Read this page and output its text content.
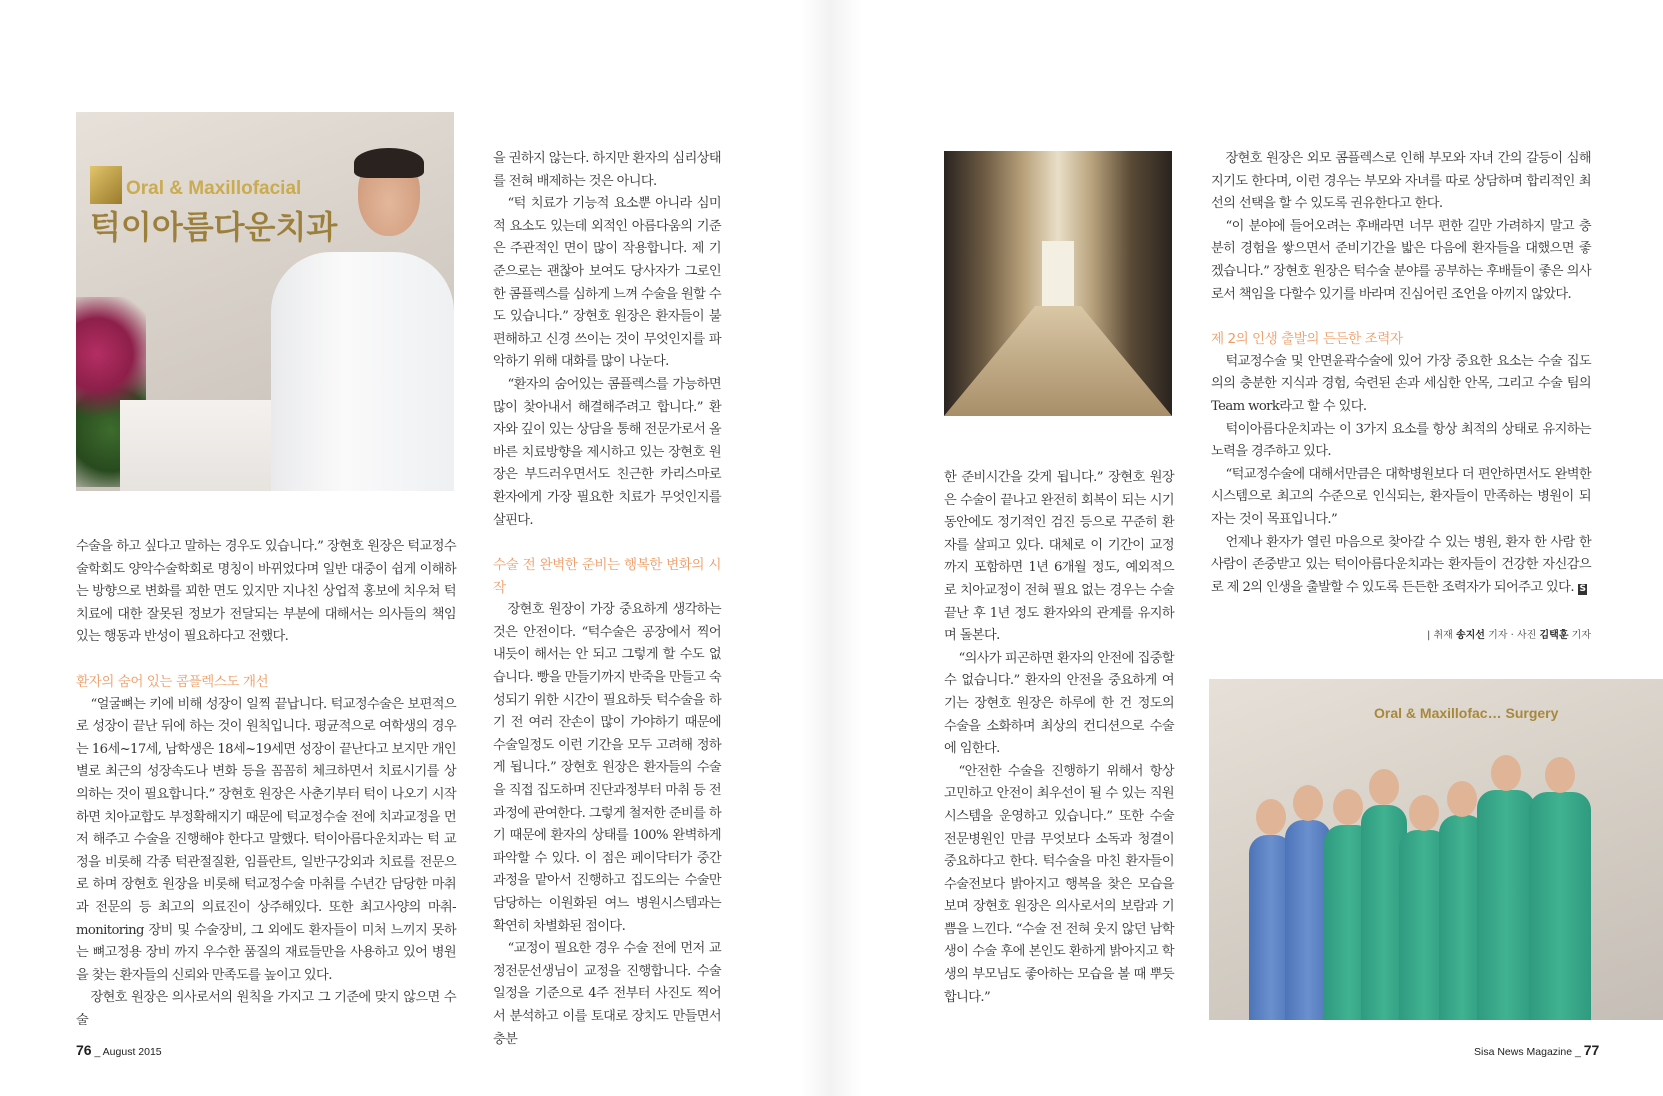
Oral & Maxillofacial
턱이아름다운치과

수술을 하고 싶다고 말하는 경우도 있습니다.” 장현호 원장은 턱교정수술학회도 양악수술학회로 명칭이 바뀌었다며 일반 대중이 쉽게 이해하는 방향으로 변화를 꾀한 면도 있지만 지나친 상업적 홍보에 치우쳐 턱 치료에 대한 잘못된 정보가 전달되는 부분에 대해서는 의사들의 책임 있는 행동과 반성이 필요하다고 전했다.

환자의 숨어 있는 콤플렉스도 개선

“얼굴뼈는 키에 비해 성장이 일찍 끝납니다. 턱교정수술은 보편적으로 성장이 끝난 뒤에 하는 것이 원칙입니다. 평균적으로 여학생의 경우는 16세~17세, 남학생은 18세~19세면 성장이 끝난다고 보지만 개인별로 최근의 성장속도나 변화 등을 꼼꼼히 체크하면서 치료시기를 상의하는 것이 필요합니다.” 장현호 원장은 사춘기부터 턱이 나오기 시작하면 치아교합도 부정확해지기 때문에 턱교정수술 전에 치과교정을 먼저 해주고 수술을 진행해야 한다고 말했다. 턱이아름다운치과는 턱 교정을 비롯해 각종 턱관절질환, 임플란트, 일반구강외과 치료를 전문으로 하며 장현호 원장을 비롯해 턱교정수술 마취를 수년간 담당한 마취과 전문의 등 최고의 의료진이 상주해있다. 또한 최고사양의 마취-monitoring 장비 및 수술장비, 그 외에도 환자들이 미처 느끼지 못하는 뼈고정용 장비 까지 우수한 품질의 재료들만을 사용하고 있어 병원을 찾는 환자들의 신뢰와 만족도를 높이고 있다.

장현호 원장은 의사로서의 원칙을 가지고 그 기준에 맞지 않으면 수술

을 권하지 않는다. 하지만 환자의 심리상태를 전혀 배제하는 것은 아니다.

“턱 치료가 기능적 요소뿐 아니라 심미적 요소도 있는데 외적인 아름다움의 기준은 주관적인 면이 많이 작용합니다. 제 기준으로는 괜찮아 보여도 당사자가 그로인한 콤플렉스를 심하게 느껴 수술을 원할 수도 있습니다.” 장현호 원장은 환자들이 불편해하고 신경 쓰이는 것이 무엇인지를 파악하기 위해 대화를 많이 나눈다.

“환자의 숨어있는 콤플렉스를 가능하면 많이 찾아내서 해결해주려고 합니다.” 환자와 깊이 있는 상담을 통해 전문가로서 올바른 치료방향을 제시하고 있는 장현호 원장은 부드러우면서도 친근한 카리스마로 환자에게 가장 필요한 치료가 무엇인지를 살핀다.

수술 전 완벽한 준비는 행복한 변화의 시작

장현호 원장이 가장 중요하게 생각하는 것은 안전이다. “턱수술은 공장에서 찍어내듯이 해서는 안 되고 그렇게 할 수도 없습니다. 빵을 만들기까지 반죽을 만들고 숙성되기 위한 시간이 필요하듯 턱수술을 하기 전 여러 잔손이 많이 가야하기 때문에 수술일정도 이런 기간을 모두 고려해 정하게 됩니다.” 장현호 원장은 환자들의 수술을 직접 집도하며 진단과정부터 마취 등 전 과정에 관여한다. 그렇게 철저한 준비를 하기 때문에 환자의 상태를 100% 완벽하게 파악할 수 있다. 이 점은 페이닥터가 중간 과정을 맡아서 진행하고 집도의는 수술만 담당하는 이원화된 여느 병원시스템과는 확연히 차별화된 점이다.

“교정이 필요한 경우 수술 전에 먼저 교정전문선생님이 교정을 진행합니다. 수술일정을 기준으로 4주 전부터 사진도 찍어서 분석하고 이를 토대로 장치도 만들면서 충분

76 _ August 2015

한 준비시간을 갖게 됩니다.” 장현호 원장은 수술이 끝나고 완전히 회복이 되는 시기 동안에도 정기적인 검진 등으로 꾸준히 환자를 살피고 있다. 대체로 이 기간이 교정까지 포함하면 1년 6개월 정도, 예외적으로 치아교정이 전혀 필요 없는 경우는 수술 끝난 후 1년 정도 환자와의 관계를 유지하며 돌본다.

“의사가 피곤하면 환자의 안전에 집중할 수 없습니다.” 환자의 안전을 중요하게 여기는 장현호 원장은 하루에 한 건 정도의 수술을 소화하며 최상의 컨디션으로 수술에 임한다.

“안전한 수술을 진행하기 위해서 항상 고민하고 안전이 최우선이 될 수 있는 직원시스템을 운영하고 있습니다.” 또한 수술 전문병원인 만큼 무엇보다 소독과 청결이 중요하다고 한다. 턱수술을 마친 환자들이 수술전보다 밝아지고 행복을 찾은 모습을 보며 장현호 원장은 의사로서의 보람과 기쁨을 느낀다. “수술 전 전혀 웃지 않던 남학생이 수술 후에 본인도 환하게 밝아지고 학생의 부모님도 좋아하는 모습을 볼 때 뿌듯합니다.”

장현호 원장은 외모 콤플렉스로 인해 부모와 자녀 간의 갈등이 심해지기도 한다며, 이런 경우는 부모와 자녀를 따로 상담하며 합리적인 최선의 선택을 할 수 있도록 권유한다고 한다.

“이 분야에 들어오려는 후배라면 너무 편한 길만 가려하지 말고 충분히 경험을 쌓으면서 준비기간을 밟은 다음에 환자들을 대했으면 좋겠습니다.” 장현호 원장은 턱수술 분야를 공부하는 후배들이 좋은 의사로서 책임을 다할수 있기를 바라며 진심어린 조언을 아끼지 않았다.

제 2의 인생 출발의 든든한 조력자

턱교정수술 및 안면윤곽수술에 있어 가장 중요한 요소는 수술 집도의의 충분한 지식과 경험, 숙련된 손과 세심한 안목, 그리고 수술 팀의 Team work라고 할 수 있다.

턱이아름다운치과는 이 3가지 요소를 항상 최적의 상태로 유지하는 노력을 경주하고 있다.

“턱교정수술에 대해서만큼은 대학병원보다 더 편안하면서도 완벽한 시스템으로 최고의 수준으로 인식되는, 환자들이 만족하는 병원이 되자는 것이 목표입니다.”

언제나 환자가 열린 마음으로 찾아갈 수 있는 병원, 환자 한 사람 한 사람이 존중받고 있는 턱이아름다운치과는 환자들이 건강한 자신감으로 제 2의 인생을 출발할 수 있도록 든든한 조력자가 되어주고 있다. S

| 취재 송지선 기자 · 사진 김택훈 기자
Oral & Maxillofac… Surgery
Sisa News Magazine _ 77
